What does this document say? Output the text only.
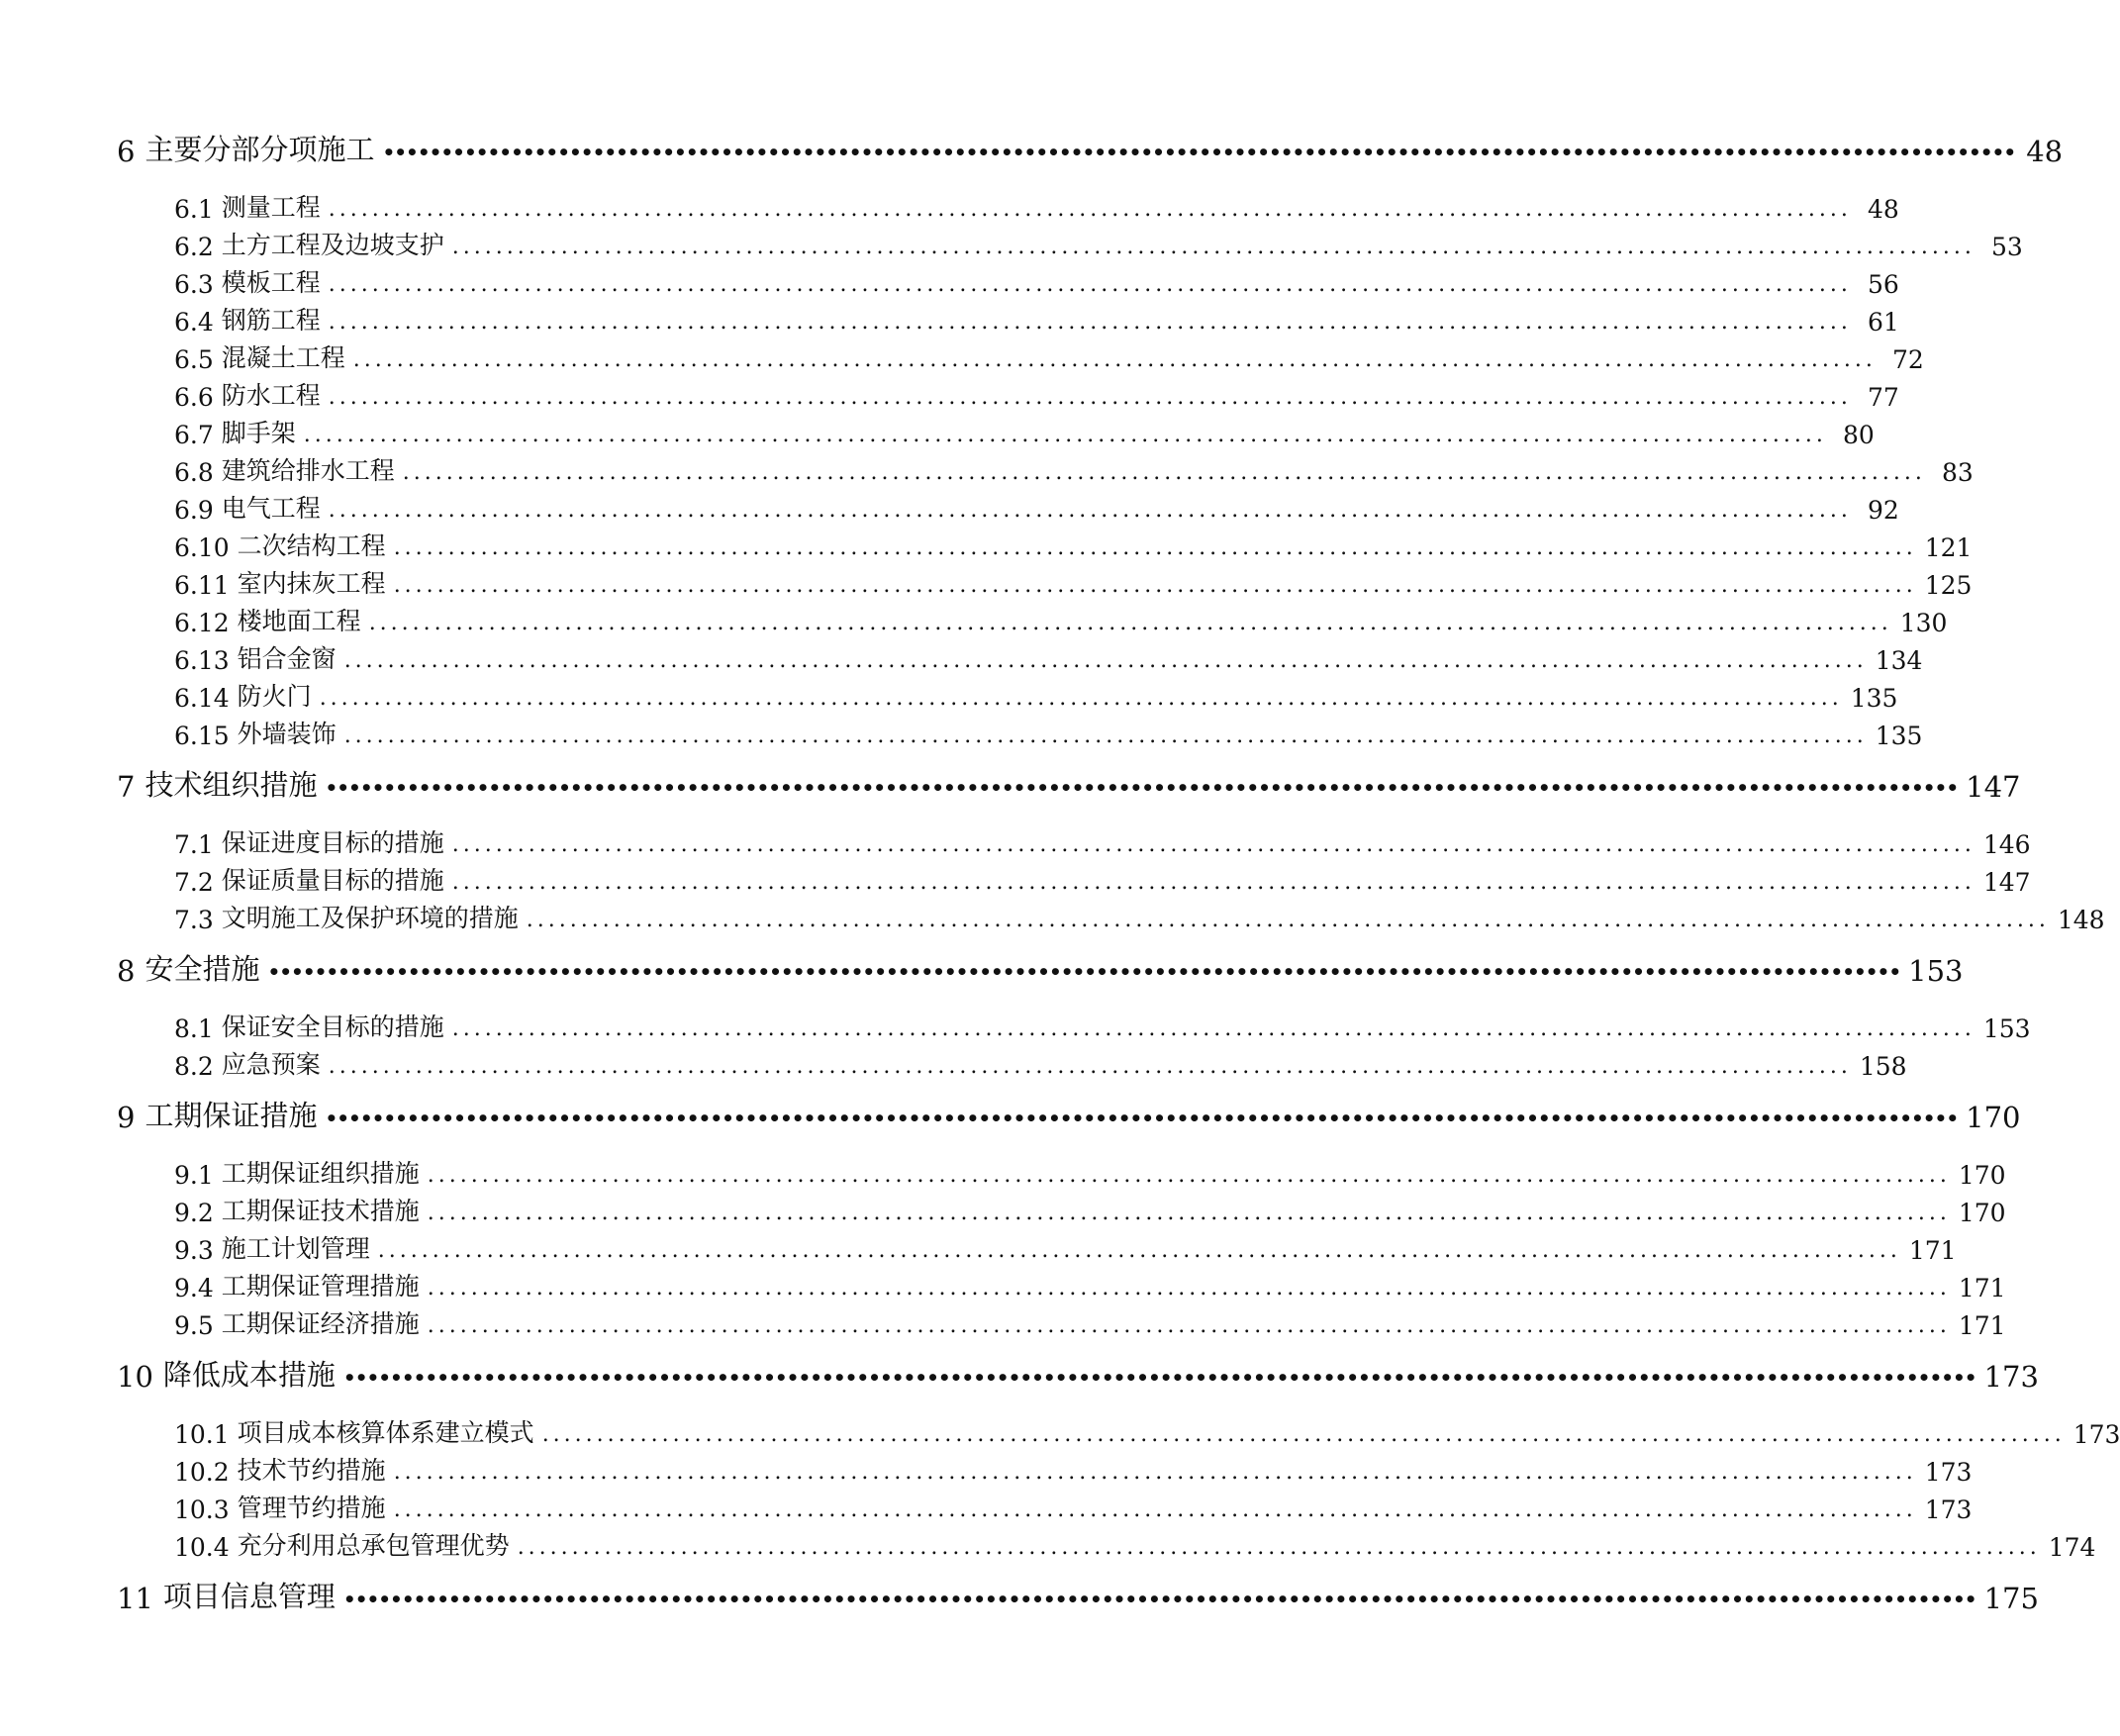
6 主要分部分项施工 •••••••••••••••••••••••••••••••••••••••••••••••••••••••••••••••••••••••••••••••••••••••••••••••••••••••••••••••••••••••••••••••••••••••••••• 48
6.1 测量工程 ............................................................................................................................................ 48
6.2 土方工程及边坡支护 ............................................................................................................................................ 53
6.3 模板工程 ............................................................................................................................................ 56
6.4 钢筋工程 ............................................................................................................................................ 61
6.5 混凝土工程 ............................................................................................................................................ 72
6.6 防水工程 ............................................................................................................................................ 77
6.7 脚手架 ............................................................................................................................................ 80
6.8 建筑给排水工程 ............................................................................................................................................ 83
6.9 电气工程 ............................................................................................................................................ 92
6.10 二次结构工程 ............................................................................................................................................ 121
6.11 室内抹灰工程 ............................................................................................................................................ 125
6.12 楼地面工程 ............................................................................................................................................ 130
6.13 铝合金窗 ............................................................................................................................................ 134
6.14 防火门 ............................................................................................................................................ 135
6.15 外墙装饰 ............................................................................................................................................ 135
7 技术组织措施 •••••••••••••••••••••••••••••••••••••••••••••••••••••••••••••••••••••••••••••••••••••••••••••••••••••••••••••••••••••••••••••••••••••••••••• 147
7.1 保证进度目标的措施 ............................................................................................................................................ 146
7.2 保证质量目标的措施 ............................................................................................................................................ 147
7.3 文明施工及保护环境的措施 ............................................................................................................................................ 148
8 安全措施 •••••••••••••••••••••••••••••••••••••••••••••••••••••••••••••••••••••••••••••••••••••••••••••••••••••••••••••••••••••••••••••••••••••••••••• 153
8.1 保证安全目标的措施 ............................................................................................................................................ 153
8.2 应急预案 ............................................................................................................................................ 158
9 工期保证措施 •••••••••••••••••••••••••••••••••••••••••••••••••••••••••••••••••••••••••••••••••••••••••••••••••••••••••••••••••••••••••••••••••••••••••••• 170
9.1 工期保证组织措施 ............................................................................................................................................ 170
9.2 工期保证技术措施 ............................................................................................................................................ 170
9.3 施工计划管理 ............................................................................................................................................ 171
9.4 工期保证管理措施 ............................................................................................................................................ 171
9.5 工期保证经济措施 ............................................................................................................................................ 171
10 降低成本措施 •••••••••••••••••••••••••••••••••••••••••••••••••••••••••••••••••••••••••••••••••••••••••••••••••••••••••••••••••••••••••••••••••••••••••••• 173
10.1 项目成本核算体系建立模式 ............................................................................................................................................ 173
10.2 技术节约措施 ............................................................................................................................................ 173
10.3 管理节约措施 ............................................................................................................................................ 173
10.4 充分利用总承包管理优势 ............................................................................................................................................ 174
11 项目信息管理 •••••••••••••••••••••••••••••••••••••••••••••••••••••••••••••••••••••••••••••••••••••••••••••••••••••••••••••••••••••••••••••••••••••••••••• 175
